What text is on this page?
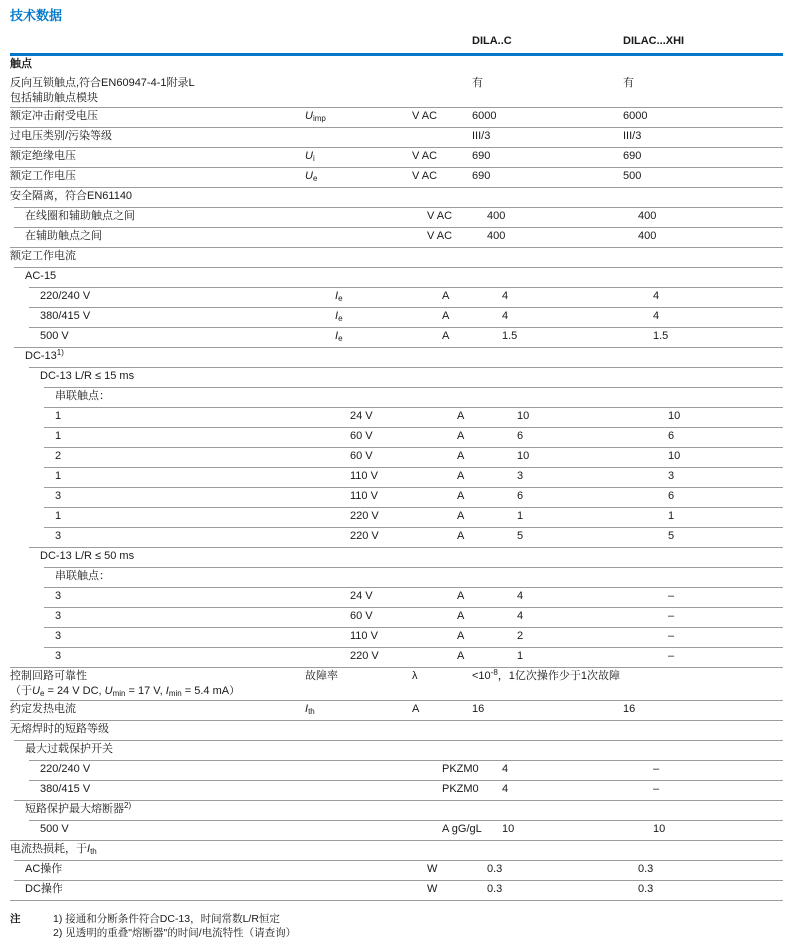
技术数据
DILA..C	DILAC...XHI
触点
反向互锁触点,符合EN60947-4-1附录L
包括辅助触点模块
有	有
额定冲击耐受电压	$U_{imp}$	V AC	6000	6000
过电压类别/污染等级	III/3	III/3
额定绝缘电压	$U_i$	V AC	690	690
额定工作电压	$U_e$	V AC	690	500
安全隔离，符合EN61140
在线圈和辅助触点之间	V AC	400	400
在辅助触点之间	V AC	400	400
额定工作电流
AC-15
220/240 V	$I_e$	A	4	4
380/415 V	$I_e$	A	4	4
500 V	$I_e$	A	1.5	1.5
DC-13$^{1)}$
DC-13 L/R ≤ 15 ms
串联触点：
1	24 V	A	10	10
1	60 V	A	6	6
2	60 V	A	10	10
1	110 V	A	3	3
3	110 V	A	6	6
1	220 V	A	1	1
3	220 V	A	5	5
DC-13 L/R ≤ 50 ms
串联触点：
3	24 V	A	4	–
3	60 V	A	4	–
3	110 V	A	2	–
3	220 V	A	1	–
控制回路可靠性
（于$U_e = 24$ V DC, $U_{min} = 17$ V, $I_{min} = 5.4$ mA）
故障率	λ	$<10^{-8}$，1亿次操作少于1次故障
约定发热电流	$I_{th}$	A	16	16
无熔焊时的短路等级
最大过载保护开关
220/240 V	PKZM0	4	–
380/415 V	PKZM0	4	–
短路保护最大熔断器$^{2)}$
500 V	A gG/gL	10	10
电流热损耗，于$I_{th}$
AC操作	W	0.3	0.3
DC操作	W	0.3	0.3
注	1) 接通和分断条件符合DC-13，时间常数L/R恒定
2) 见透明的重叠"熔断器"的时间/电流特性（请查询）
